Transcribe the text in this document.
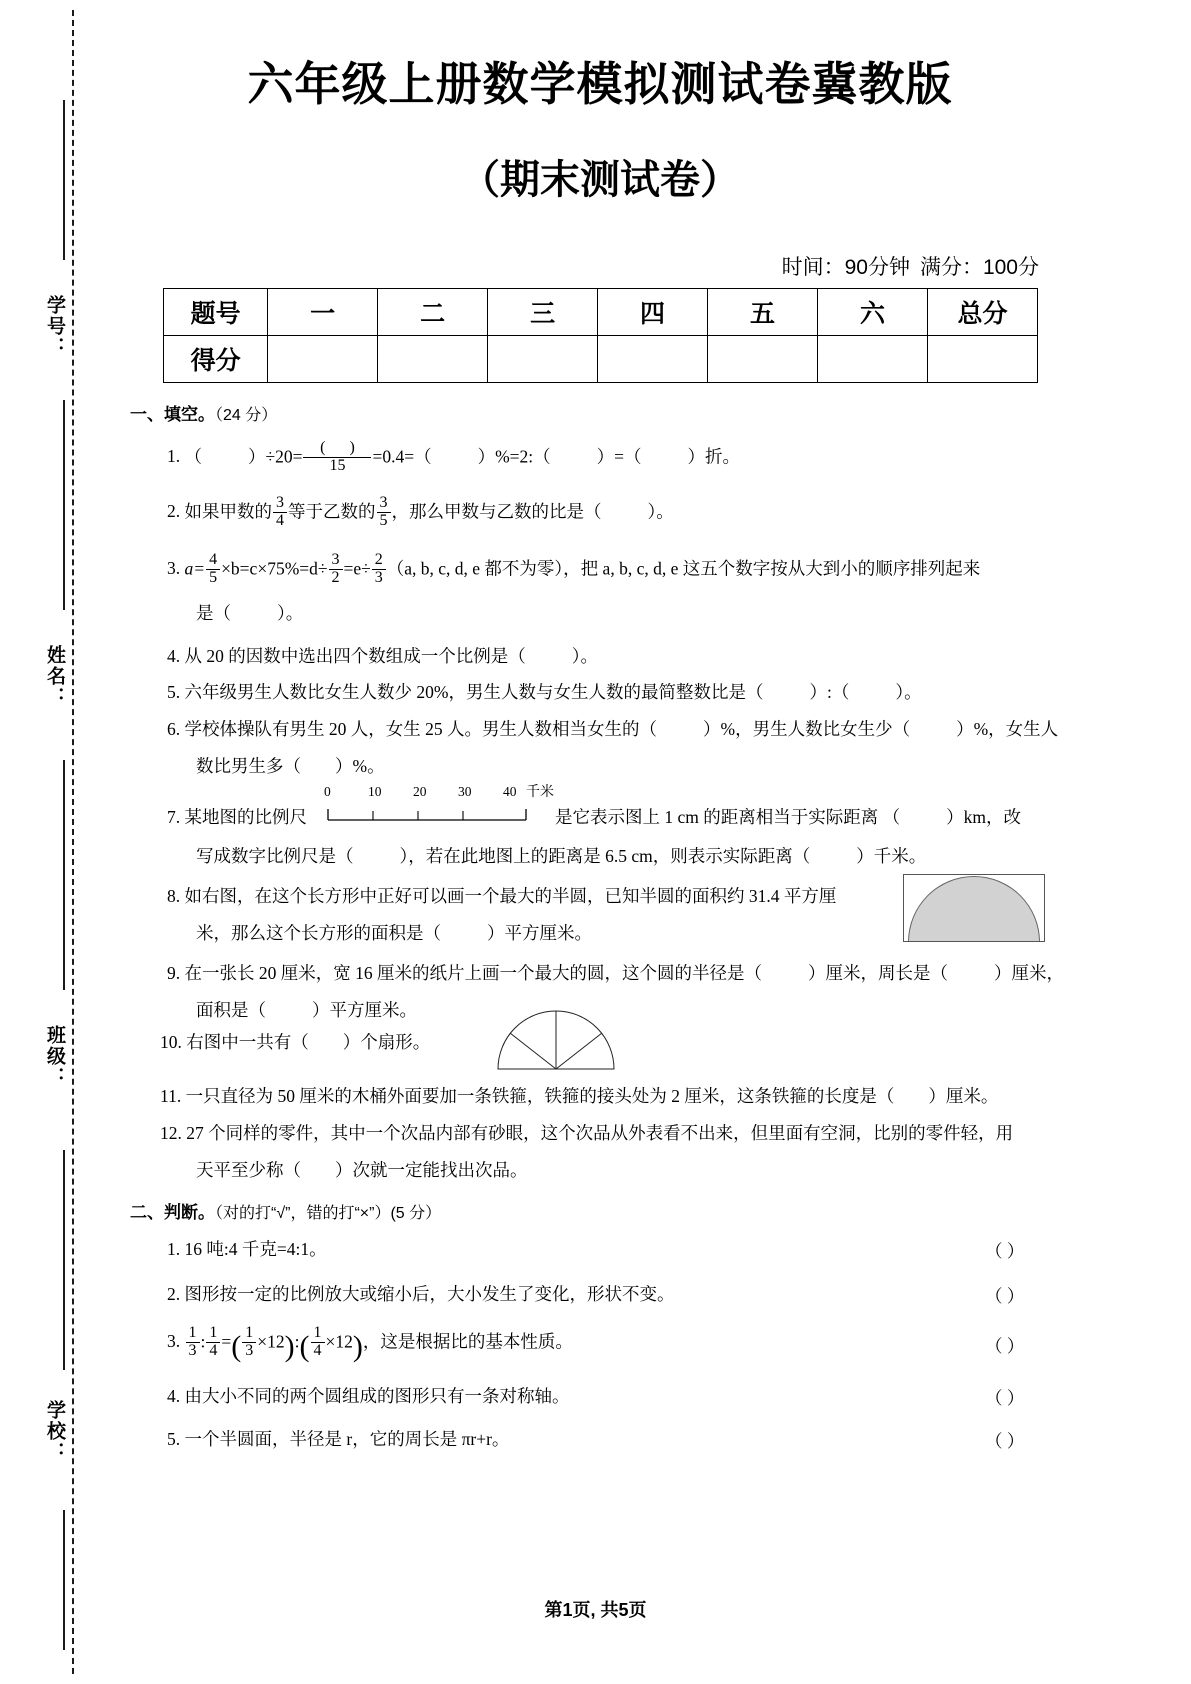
学号：
姓名：
班级：
学校：
六年级上册数学模拟测试卷冀教版
（期末测试卷）
时间：90分钟 满分：100分
题号	一	二	三	四	五	六	总分
得分							
一、填空。（24 分）
1. （	）$\div 20= \frac{( )}{15} =0.4=$（	）%=2:（	）=（	）折。
2. 如果甲数的 $\frac{3}{4}$ 等于乙数的 $\frac{3}{5}$ ，那么甲数与乙数的比是（	）。
3. $a= \frac{4}{5} \times b=c\times 75\%=d\div \frac{3}{2} =e\div \frac{2}{3} (a$, b, c, d, e 都不为零），把 a, b, c, d, e 这五个数字按从大到小的顺序排列起来
是（	）。
4. 从 20 的因数中选出四个数组成一个比例是（	）。
5. 六年级男生人数比女生人数少 20%，男生人数与女生人数的最简整数比是（	）:（	）。
6. 学校体操队有男生 20 人，女生 25 人。男生人数相当女生的（	）%，男生人数比女生少（	）%，女生人
数比男生多（ ）%。
7. 某地图的比例尺	是它表示图上 1 cm 的距离相当于实际距离 （	）km，改
0	10 20 30 40 千米
写成数字比例尺是（	），若在此地图上的距离是 6.5 cm，则表示实际距离（	）千米。
8. 如右图，在这个长方形中正好可以画一个最大的半圆，已知半圆的面积约 31.4 平方厘
米，那么这个长方形的面积是（	）平方厘米。
9. 在一张长 20 厘米，宽 16 厘米的纸片上画一个最大的圆，这个圆的半径是（	）厘米，周长是（	）厘米，
面积是（	）平方厘米。
10. 右图中一共有（ ）个扇形。
11. 一只直径为 50 厘米的木桶外面要加一条铁箍，铁箍的接头处为 2 厘米，这条铁箍的长度是（ ）厘米。
12. 27 个同样的零件，其中一个次品内部有砂眼，这个次品从外表看不出来，但里面有空洞，比别的零件轻，用
天平至少称（ ）次就一定能找出次品。
二、判断。（对的打“√”，错的打“×”）(5 分）
1. 16 吨:4 千克=4:1。	（ ）
2. 图形按一定的比例放大或缩小后，大小发生了变化，形状不变。	（ ）
3. $\frac{1}{3}$ : $\frac{1}{4}$ =( $\frac{1}{3}$ ×12):( $\frac{1}{4} \times 12$)，这是根据比的基本性质。	（ ）
4. 由大小不同的两个圆组成的图形只有一条对称轴。	（ ）
5. 一个半圆面，半径是 r，它的周长是 πr+r。	（ ）
第1页, 共5页
